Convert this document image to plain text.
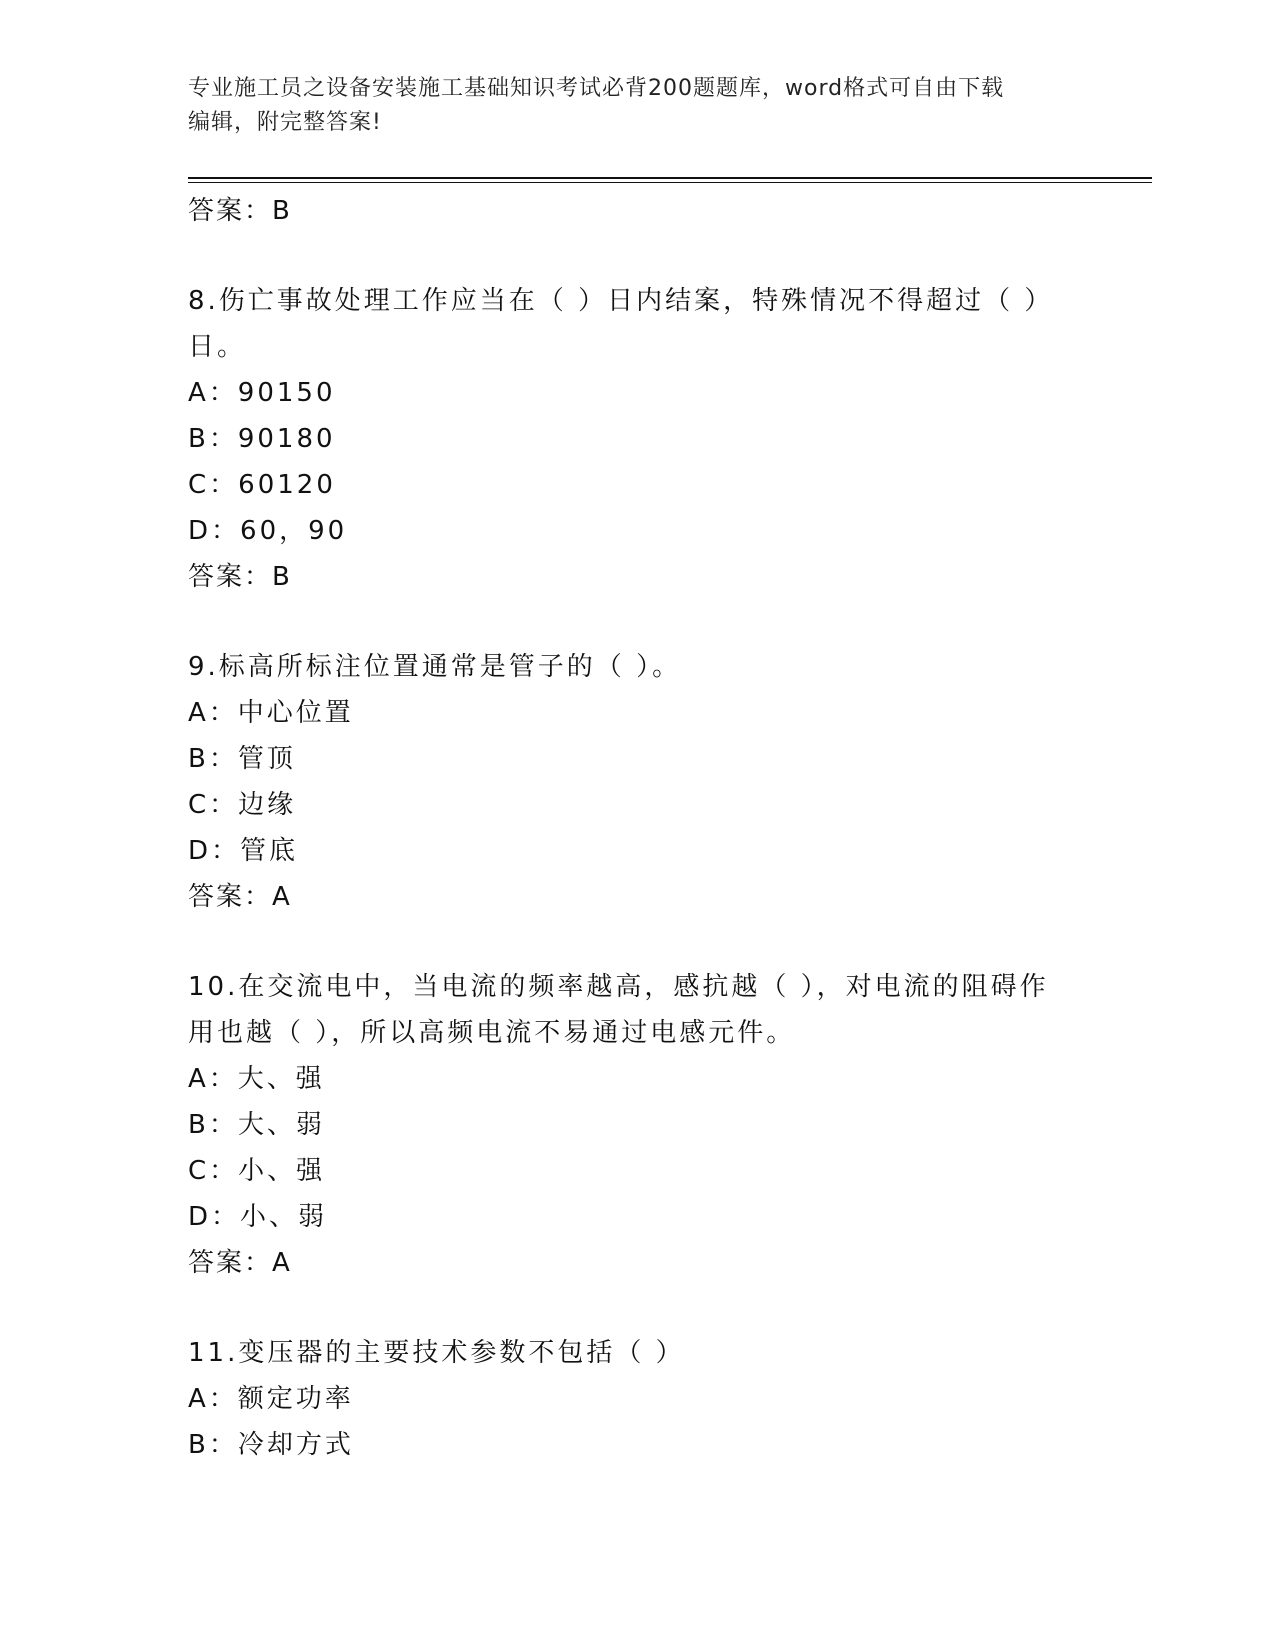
专业施工员之设备安装施工基础知识考试必背200题题库，word格式可自由下载
编辑，附完整答案!
答案：B
8.伤亡事故处理工作应当在（ ）日内结案，特殊情况不得超过（ ）
日。
A：90150
B：90180
C：60120
D：60，90
答案：B
9.标高所标注位置通常是管子的（ ）。
A：中心位置
B：管顶
C：边缘
D：管底
答案：A
10.在交流电中，当电流的频率越高，感抗越（ ），对电流的阻碍作
用也越（ ），所以高频电流不易通过电感元件。
A：大、强
B：大、弱
C：小、强
D：小、弱
答案：A
11.变压器的主要技术参数不包括（ ）
A：额定功率
B：冷却方式
